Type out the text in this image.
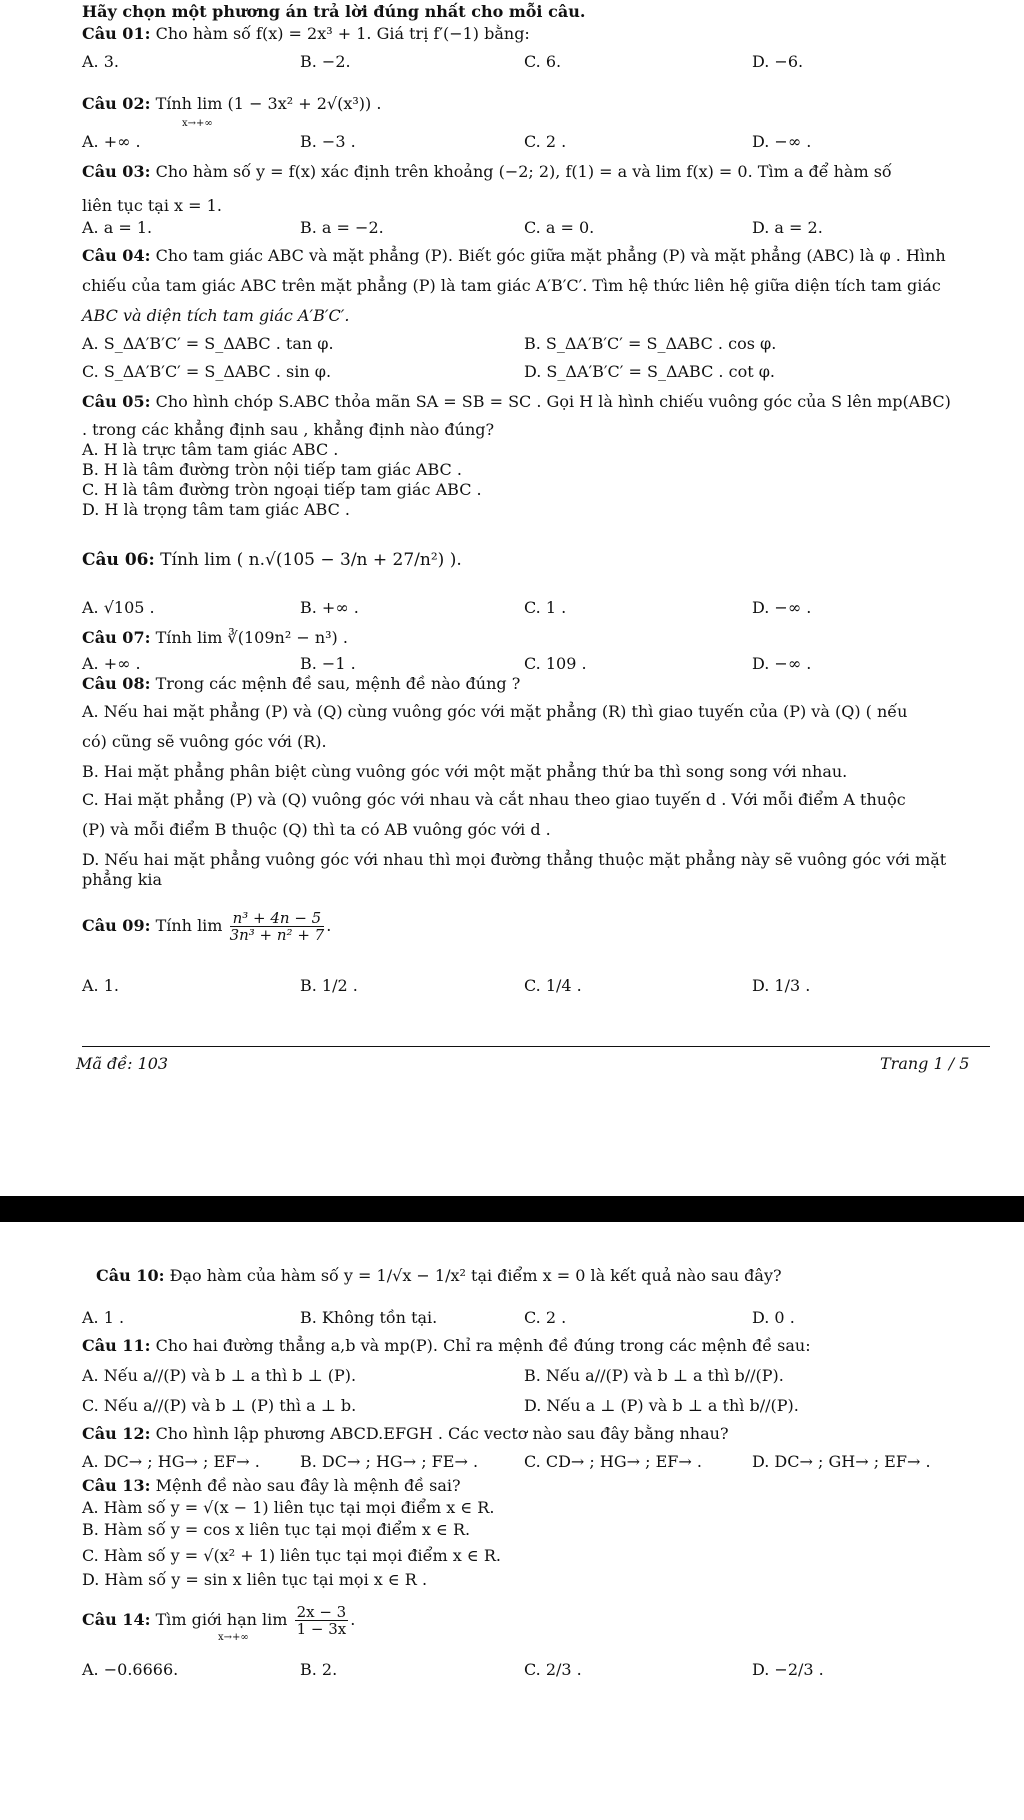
Hãy chọn một phương án trả lời đúng nhất cho mỗi câu.
Câu 01: Cho hàm số f(x) = 2x³ + 1. Giá trị f′(−1) bằng:
A. 3.	B. −2.	C. 6.	D. −6.
Câu 02: Tính lim (1 − 3x² + 2√(x³)) .
x→+∞
A. +∞ .	B. −3 .	C. 2 .	D. −∞ .
Câu 03: Cho hàm số y = f(x) xác định trên khoảng (−2; 2), f(1) = a và lim f(x) = 0. Tìm a để hàm số
liên tục tại x = 1.
A. a = 1.	B. a = −2.	C. a = 0.	D. a = 2.
Câu 04: Cho tam giác ABC và mặt phẳng (P). Biết góc giữa mặt phẳng (P) và mặt phẳng (ABC) là φ . Hình
chiếu của tam giác ABC trên mặt phẳng (P) là tam giác A′B′C′. Tìm hệ thức liên hệ giữa diện tích tam giác
ABC và diện tích tam giác A′B′C′.
A. S_ΔA′B′C′ = S_ΔABC . tan φ.	B. S_ΔA′B′C′ = S_ΔABC . cos φ.
C. S_ΔA′B′C′ = S_ΔABC . sin φ.	D. S_ΔA′B′C′ = S_ΔABC . cot φ.
Câu 05: Cho hình chóp S.ABC thỏa mãn SA = SB = SC . Gọi H là hình chiếu vuông góc của S lên mp(ABC)
. trong các khẳng định sau , khẳng định nào đúng?
A. H là trực tâm tam giác ABC .
B. H là tâm đường tròn nội tiếp tam giác ABC .
C. H là tâm đường tròn ngoại tiếp tam giác ABC .
D. H là trọng tâm tam giác ABC .
Câu 06: Tính lim ( n.√(105 − 3/n + 27/n²) ).
A. √105 .	B. +∞ .	C. 1 .	D. −∞ .
Câu 07: Tính lim ∛(109n² − n³) .
A. +∞ .	B. −1 .	C. 109 .	D. −∞ .
Câu 08: Trong các mệnh đề sau, mệnh đề nào đúng ?
A. Nếu hai mặt phẳng (P) và (Q) cùng vuông góc với mặt phẳng (R) thì giao tuyến của (P) và (Q) ( nếu
có) cũng sẽ vuông góc với (R).
B. Hai mặt phẳng phân biệt cùng vuông góc với một mặt phẳng thứ ba thì song song với nhau.
C. Hai mặt phẳng (P) và (Q) vuông góc với nhau và cắt nhau theo giao tuyến d . Với mỗi điểm A thuộc
(P) và mỗi điểm B thuộc (Q) thì ta có AB vuông góc với d .
D. Nếu hai mặt phẳng vuông góc với nhau thì mọi đường thẳng thuộc mặt phẳng này sẽ vuông góc với mặt
phẳng kia
Câu 09: Tính $\lim \frac{\text{n³ + 4n − 5}}{\text{3n³ + n² + 7}}$ .
A. 1.	B. 1/2 .	C. 1/4 .	D. 1/3 .
Mã đề: 103	Trang 1 / 5
Câu 10: Đạo hàm của hàm số y = 1/√x − 1/x² tại điểm x = 0 là kết quả nào sau đây?
A. 1 .	B. Không tồn tại.	C. 2 .	D. 0 .
Câu 11: Cho hai đường thẳng a,b và mp(P). Chỉ ra mệnh đề đúng trong các mệnh đề sau:
A. Nếu a//(P) và b ⊥ a thì b ⊥ (P).	B. Nếu a//(P) và b ⊥ a thì b//(P).
C. Nếu a//(P) và b ⊥ (P) thì a ⊥ b.	D. Nếu a ⊥ (P) và b ⊥ a thì b//(P).
Câu 12: Cho hình lập phương ABCD.EFGH . Các vectơ nào sau đây bằng nhau?
A. DC→ ; HG→ ; EF→ .	B. DC→ ; HG→ ; FE→ .	C. CD→ ; HG→ ; EF→ .	D. DC→ ; GH→ ; EF→ .
Câu 13: Mệnh đề nào sau đây là mệnh đề sai?
A. Hàm số y = √(x − 1) liên tục tại mọi điểm x ∈ R.
B. Hàm số y = cos x liên tục tại mọi điểm x ∈ R.
C. Hàm số y = √(x² + 1) liên tục tại mọi điểm x ∈ R.
D. Hàm số y = sin x liên tục tại mọi x ∈ R .
Câu 14: Tìm giới hạn $\lim \frac{2x - 3}{1 - 3x}$ .
x→+∞
A. −0.6666.	B. 2.	C. 2/3 .	D. −2/3 .
